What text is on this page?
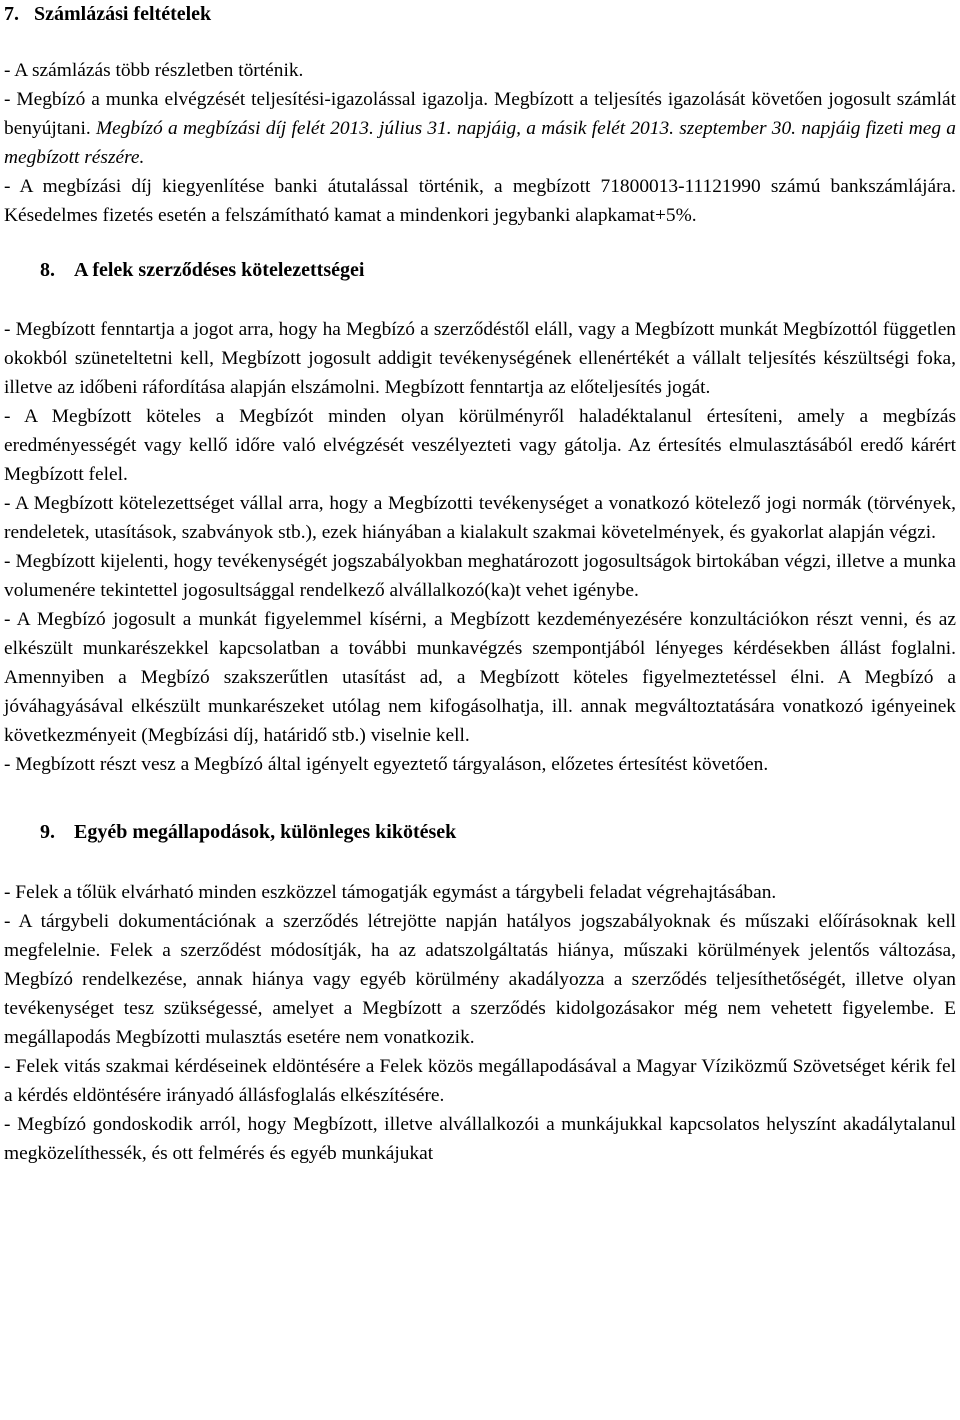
7. Számlázási feltételek

- A számlázás több részletben történik.

- Megbízó a munka elvégzését teljesítési-igazolással igazolja. Megbízott a teljesítés igazolását követően jogosult számlát benyújtani. Megbízó a megbízási díj felét 2013. július 31. napjáig, a másik felét 2013. szeptember 30. napjáig fizeti meg a megbízott részére.

- A megbízási díj kiegyenlítése banki átutalással történik, a megbízott 71800013-11121990 számú bankszámlájára. Késedelmes fizetés esetén a felszámítható kamat a mindenkori jegybanki alapkamat+5%.

8. A felek szerződéses kötelezettségei

- Megbízott fenntartja a jogot arra, hogy ha Megbízó a szerződéstől eláll, vagy a Megbízott munkát Megbízottól független okokból szüneteltetni kell, Megbízott jogosult addigit tevékenységének ellenértékét a vállalt teljesítés készültségi foka, illetve az időbeni ráfordítása alapján elszámolni. Megbízott fenntartja az előteljesítés jogát.

- A Megbízott köteles a Megbízót minden olyan körülményről haladéktalanul értesíteni, amely a megbízás eredményességét vagy kellő időre való elvégzését veszélyezteti vagy gátolja. Az értesítés elmulasztásából eredő kárért Megbízott felel.

- A Megbízott kötelezettséget vállal arra, hogy a Megbízotti tevékenységet a vonatkozó kötelező jogi normák (törvények, rendeletek, utasítások, szabványok stb.), ezek hiányában a kialakult szakmai követelmények, és gyakorlat alapján végzi.

- Megbízott kijelenti, hogy tevékenységét jogszabályokban meghatározott jogosultságok birtokában végzi, illetve a munka volumenére tekintettel jogosultsággal rendelkező alvállalkozó(ka)t vehet igénybe.

- A Megbízó jogosult a munkát figyelemmel kísérni, a Megbízott kezdeményezésére konzultációkon részt venni, és az elkészült munkarészekkel kapcsolatban a további munkavégzés szempontjából lényeges kérdésekben állást foglalni. Amennyiben a Megbízó szakszerűtlen utasítást ad, a Megbízott köteles figyelmeztetéssel élni. A Megbízó a jóváhagyásával elkészült munkarészeket utólag nem kifogásolhatja, ill. annak megváltoztatására vonatkozó igényeinek következményeit (Megbízási díj, határidő stb.) viselnie kell.

- Megbízott részt vesz a Megbízó által igényelt egyeztető tárgyaláson, előzetes értesítést követően.

9. Egyéb megállapodások, különleges kikötések

- Felek a tőlük elvárható minden eszközzel támogatják egymást a tárgybeli feladat végrehajtásában.

- A tárgybeli dokumentációnak a szerződés létrejötte napján hatályos jogszabályoknak és műszaki előírásoknak kell megfelelnie. Felek a szerződést módosítják, ha az adatszolgáltatás hiánya, műszaki körülmények jelentős változása, Megbízó rendelkezése, annak hiánya vagy egyéb körülmény akadályozza a szerződés teljesíthetőségét, illetve olyan tevékenységet tesz szükségessé, amelyet a Megbízott a szerződés kidolgozásakor még nem vehetett figyelembe. E megállapodás Megbízotti mulasztás esetére nem vonatkozik.

- Felek vitás szakmai kérdéseinek eldöntésére a Felek közös megállapodásával a Magyar Víziközmű Szövetséget kérik fel a kérdés eldöntésére irányadó állásfoglalás elkészítésére.

- Megbízó gondoskodik arról, hogy Megbízott, illetve alvállalkozói a munkájukkal kapcsolatos helyszínt akadálytalanul megközelíthessék, és ott felmérés és egyéb munkájukat
